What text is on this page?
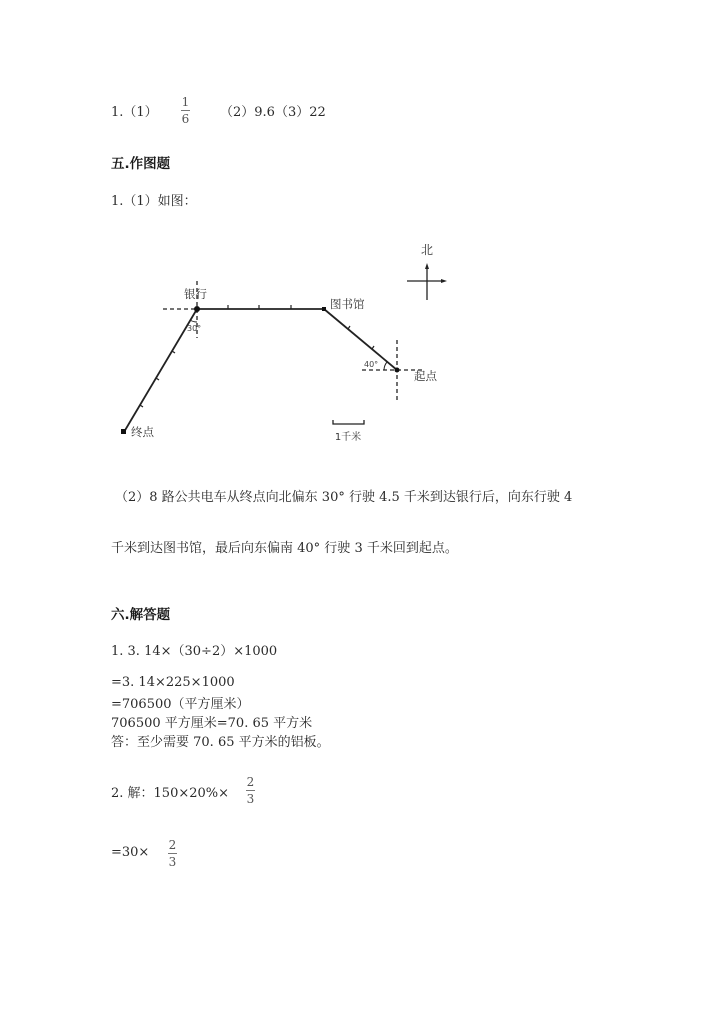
1.（1）
1
6 （2）9.6（3）22
五.作图题
1.（1）如图：
北
银行
图书馆
起点
终点
30°
40°
1千米
（2）8 路公共电车从终点向北偏东 30° 行驶 4.5 千米到达银行后，向东行驶 4
千米到达图书馆，最后向东偏南 40° 行驶 3 千米回到起点。
六.解答题
1. 3. 14×（30÷2）×1000
=3. 14×225×1000
=706500（平方厘米）
706500 平方厘米=70. 65 平方米
答：至少需要 70. 65 平方米的铝板。
2. 解：150×20%×
2
3
=30× 2
3
